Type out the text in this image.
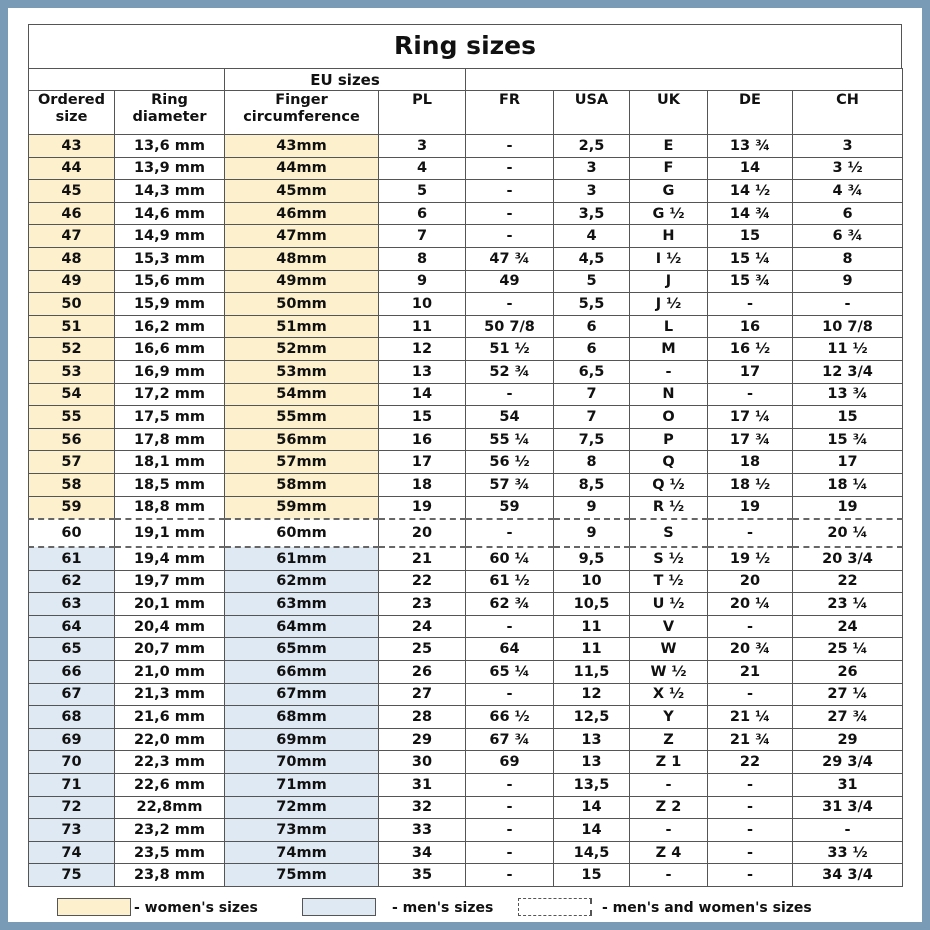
Ring sizes
		EU sizes						
Ordered size	Ring diameter	Finger circumference	PL	FR	USA	UK	DE	CH
43	13,6 mm	43mm	3	-	2,5	E	13 ¾	3
44	13,9 mm	44mm	4	-	3	F	14	3 ½
45	14,3 mm	45mm	5	-	3	G	14 ½	4 ¾
46	14,6 mm	46mm	6	-	3,5	G ½	14 ¾	6
47	14,9 mm	47mm	7	-	4	H	15	6 ¾
48	15,3 mm	48mm	8	47 ¾	4,5	I ½	15 ¼	8
49	15,6 mm	49mm	9	49	5	J	15 ¾	9
50	15,9 mm	50mm	10	-	5,5	J ½	-	-
51	16,2 mm	51mm	11	50 7/8	6	L	16	10 7/8
52	16,6 mm	52mm	12	51 ½	6	M	16 ½	11 ½
53	16,9 mm	53mm	13	52 ¾	6,5	-	17	12 3/4
54	17,2 mm	54mm	14	-	7	N	-	13 ¾
55	17,5 mm	55mm	15	54	7	O	17 ¼	15
56	17,8 mm	56mm	16	55 ¼	7,5	P	17 ¾	15 ¾
57	18,1 mm	57mm	17	56 ½	8	Q	18	17
58	18,5 mm	58mm	18	57 ¾	8,5	Q ½	18 ½	18 ¼
59	18,8 mm	59mm	19	59	9	R ½	19	19
60	19,1 mm	60mm	20	-	9	S	-	20 ¼
61	19,4 mm	61mm	21	60 ¼	9,5	S ½	19 ½	20 3/4
62	19,7 mm	62mm	22	61 ½	10	T ½	20	22
63	20,1 mm	63mm	23	62 ¾	10,5	U ½	20 ¼	23 ¼
64	20,4 mm	64mm	24	-	11	V	-	24
65	20,7 mm	65mm	25	64	11	W	20 ¾	25 ¼
66	21,0 mm	66mm	26	65 ¼	11,5	W ½	21	26
67	21,3 mm	67mm	27	-	12	X ½	-	27 ¼
68	21,6 mm	68mm	28	66 ½	12,5	Y	21 ¼	27 ¾
69	22,0 mm	69mm	29	67 ¾	13	Z	21 ¾	29
70	22,3 mm	70mm	30	69	13	Z 1	22	29 3/4
71	22,6 mm	71mm	31	-	13,5	-	-	31
72	22,8mm	72mm	32	-	14	Z 2	-	31 3/4
73	23,2 mm	73mm	33	-	14	-	-	-
74	23,5 mm	74mm	34	-	14,5	Z 4	-	33 ½
75	23,8 mm	75mm	35	-	15	-	-	34 3/4
- women's sizes	- men's sizes	- men's and women's sizes
